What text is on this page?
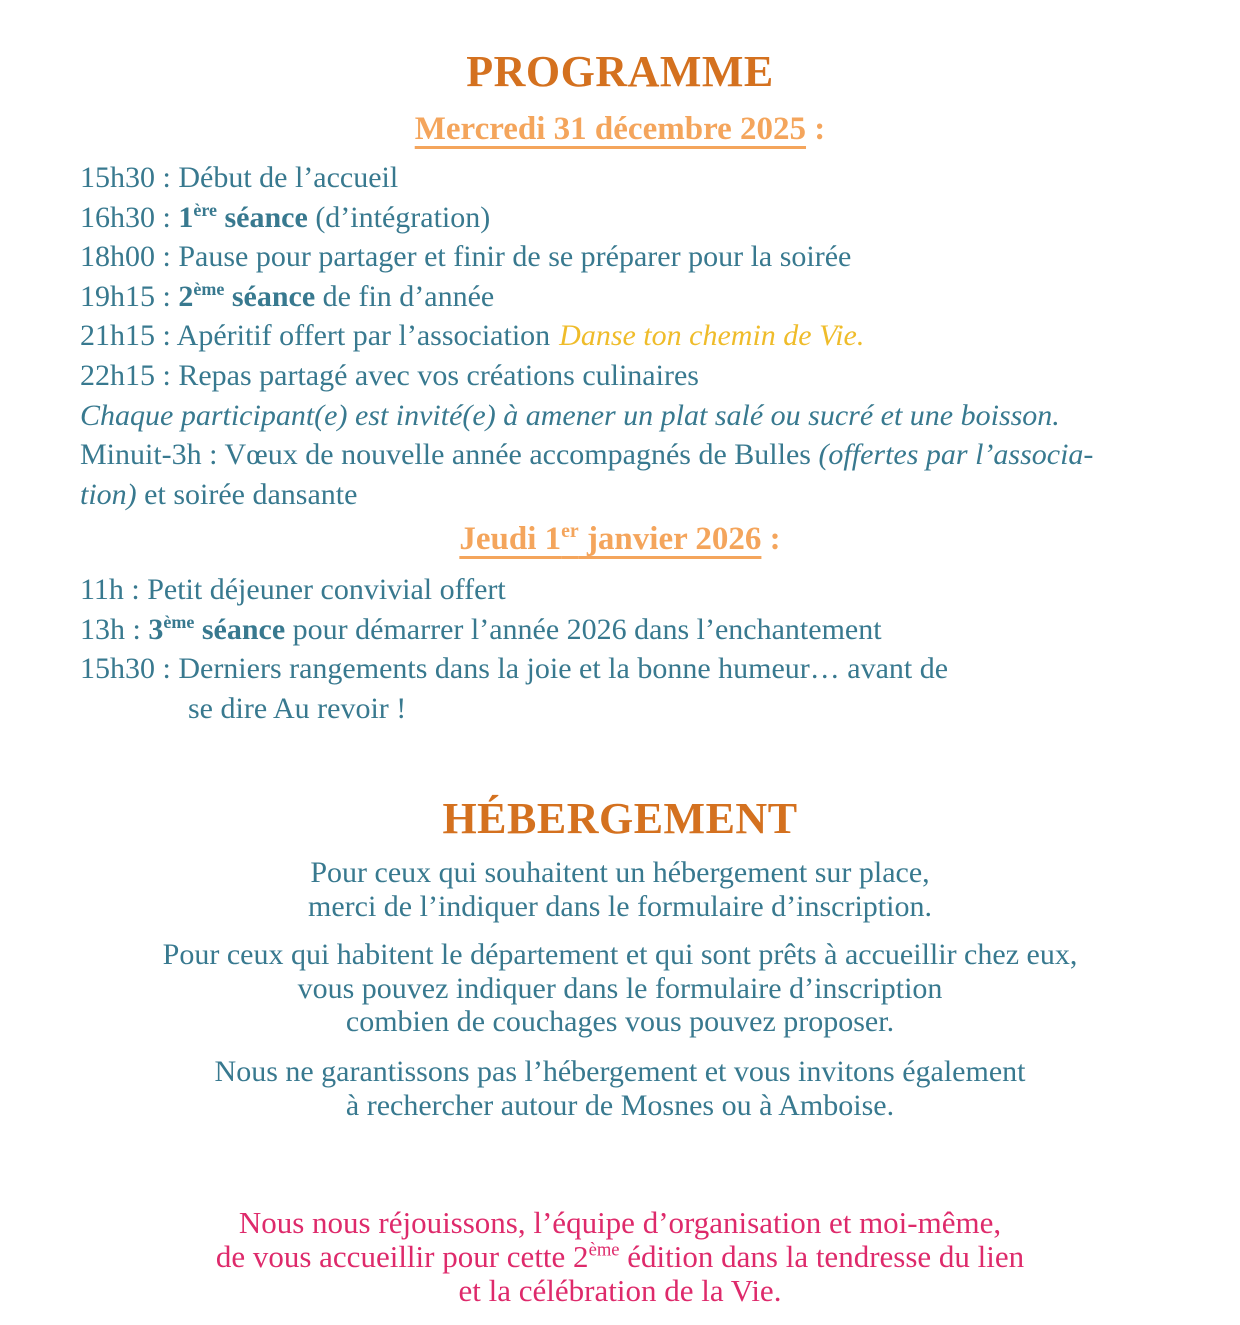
PROGRAMME
Mercredi 31 décembre 2025 :
15h30 : Début de l’accueil
16h30 : 1ère séance (d’intégration)
18h00 : Pause pour partager et finir de se préparer pour la soirée
19h15 : 2ème séance de fin d’année
21h15 : Apéritif offert par l’association Danse ton chemin de Vie.
22h15 : Repas partagé avec vos créations culinaires
Chaque participant(e) est invité(e) à amener un plat salé ou sucré et une boisson.
Minuit-3h : Vœux de nouvelle année accompagnés de Bulles (offertes par l’associa-
tion) et soirée dansante
Jeudi 1er janvier 2026 :
11h : Petit déjeuner convivial offert
13h : 3ème séance pour démarrer l’année 2026 dans l’enchantement
15h30 : Derniers rangements dans la joie et la bonne humeur… avant de
se dire Au revoir !
HÉBERGEMENT
Pour ceux qui souhaitent un hébergement sur place,
merci de l’indiquer dans le formulaire d’inscription.
Pour ceux qui habitent le département et qui sont prêts à accueillir chez eux,
vous pouvez indiquer dans le formulaire d’inscription
combien de couchages vous pouvez proposer.
Nous ne garantissons pas l’hébergement et vous invitons également
à rechercher autour de Mosnes ou à Amboise.
Nous nous réjouissons, l’équipe d’organisation et moi-même,
de vous accueillir pour cette 2ème édition dans la tendresse du lien
et la célébration de la Vie.
